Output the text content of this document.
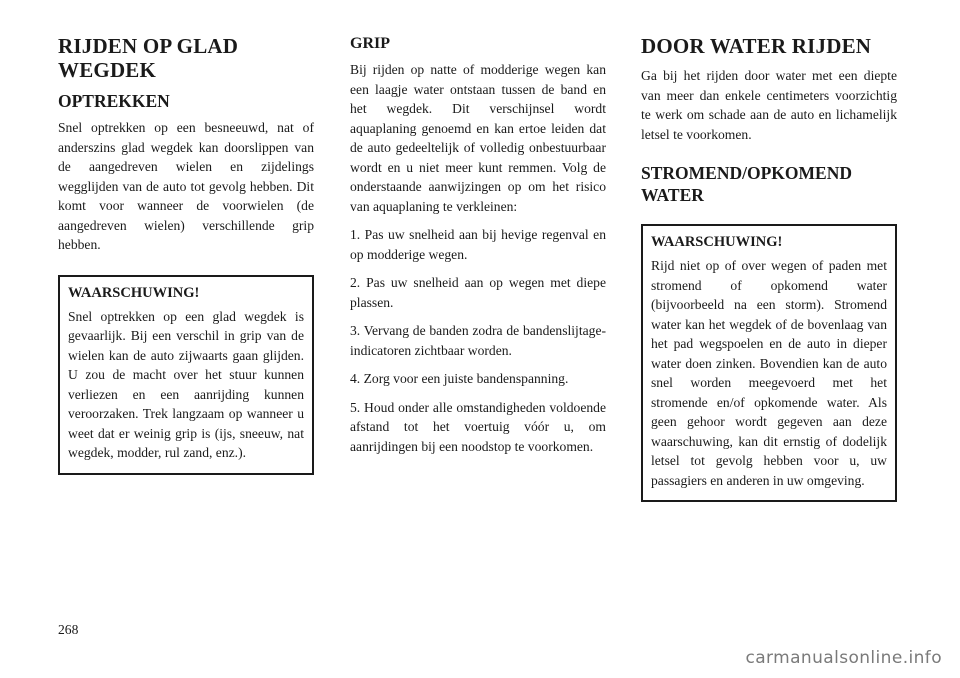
RIJDEN OP GLAD WEGDEK
OPTREKKEN

Snel optrekken op een besneeuwd, nat of anderszins glad wegdek kan doorslippen van de aangedreven wielen en zijdelings wegglijden van de auto tot gevolg hebben. Dit komt voor wanneer de voorwielen (de aangedreven wielen) verschillende grip hebben.

WAARSCHUWING!

Snel optrekken op een glad wegdek is gevaarlijk. Bij een verschil in grip van de wielen kan de auto zijwaarts gaan glijden. U zou de macht over het stuur kunnen verliezen en een aanrijding kunnen veroorzaken. Trek langzaam op wanneer u weet dat er weinig grip is (ijs, sneeuw, nat wegdek, modder, rul zand, enz.).

GRIP

Bij rijden op natte of modderige wegen kan een laagje water ontstaan tussen de band en het wegdek. Dit verschijnsel wordt aquaplaning genoemd en kan ertoe leiden dat de auto gedeeltelijk of volledig onbestuurbaar wordt en u niet meer kunt remmen. Volg de onderstaande aanwijzingen op om het risico van aquaplaning te verkleinen:

1. Pas uw snelheid aan bij hevige regenval en op modderige wegen.

2. Pas uw snelheid aan op wegen met diepe plassen.

3. Vervang de banden zodra de bandenslijtage-indicatoren zichtbaar worden.

4. Zorg voor een juiste bandenspanning.

5. Houd onder alle omstandigheden voldoende afstand tot het voertuig vóór u, om aanrijdingen bij een noodstop te voorkomen.

DOOR WATER RIJDEN

Ga bij het rijden door water met een diepte van meer dan enkele centimeters voorzichtig te werk om schade aan de auto en lichamelijk letsel te voorkomen.

STROMEND/OPKOMEND WATER
WAARSCHUWING!

Rijd niet op of over wegen of paden met stromend of opkomend water (bijvoorbeeld na een storm). Stromend water kan het wegdek of de bovenlaag van het pad wegspoelen en de auto in dieper water doen zinken. Bovendien kan de auto snel worden meegevoerd met het stromende en/of opkomende water. Als geen gehoor wordt gegeven aan deze waarschuwing, kan dit ernstig of dodelijk letsel tot gevolg hebben voor u, uw passagiers en anderen in uw omgeving.

268
carmanualsonline.info
